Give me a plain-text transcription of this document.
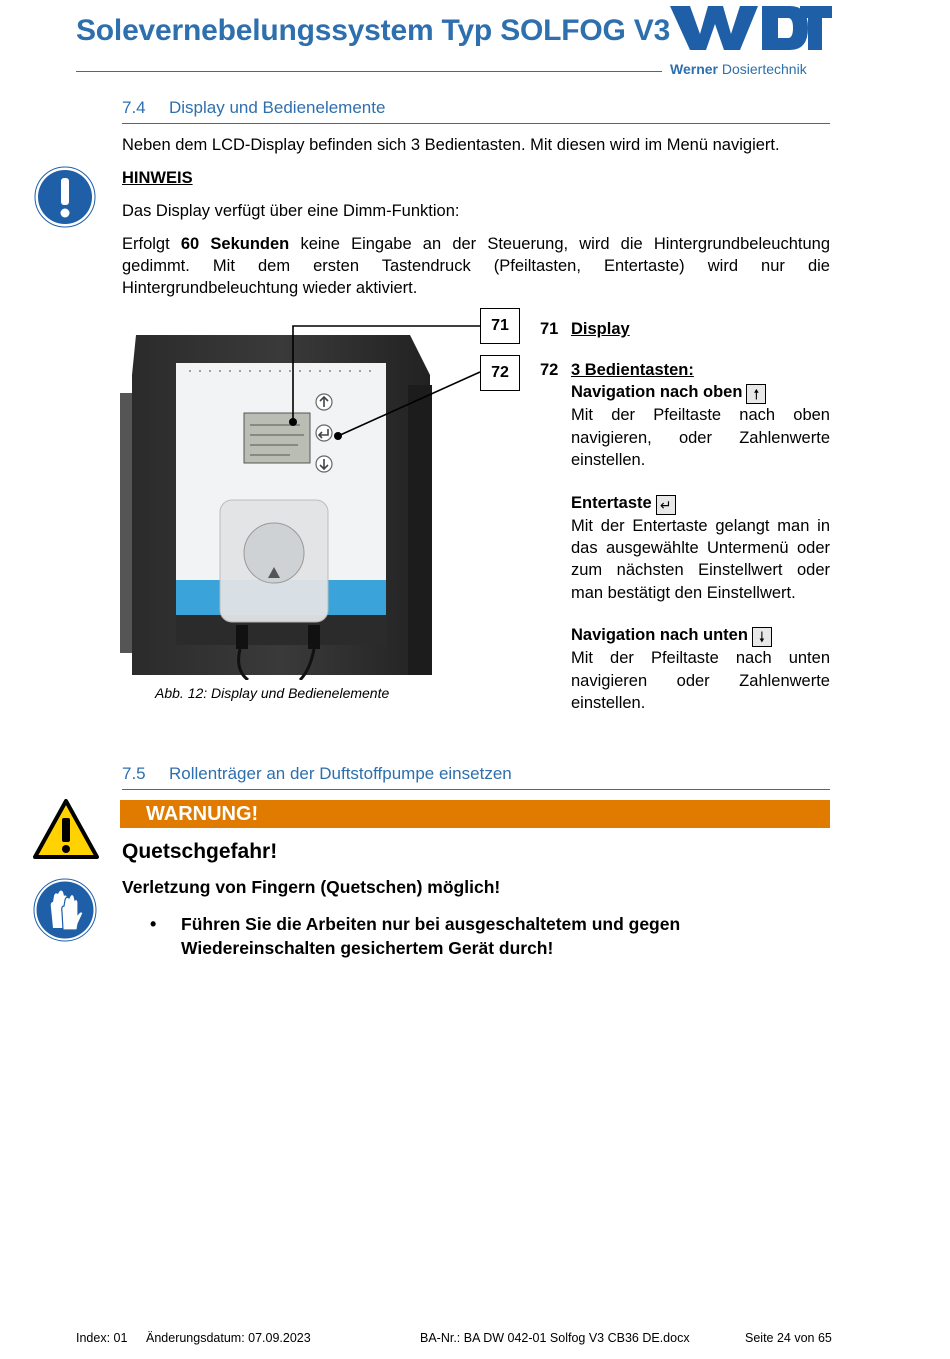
Solevernebelungssystem Typ SOLFOG V3
Werner Dosiertechnik
7.4 Display und Bedienelemente
Neben dem LCD-Display befinden sich 3 Bedientasten. Mit diesen wird im Menü navigiert.
HINWEIS
Das Display verfügt über eine Dimm-Funktion:
Erfolgt 60 Sekunden keine Eingabe an der Steuerung, wird die Hintergrundbeleuchtung gedimmt. Mit dem ersten Tastendruck (Pfeiltasten, Entertaste) wird nur die Hintergrundbeleuchtung wieder aktiviert.
71
72
Abb. 12: Display und Bedienelemente
71 Display
72 3 Bedientasten:
Navigation nach oben 🠕
Mit der Pfeiltaste nach oben navigieren, oder Zahlenwerte einstellen.
Entertaste ↵
Mit der Entertaste gelangt man in das ausgewählte Untermenü oder zum nächsten Einstellwert oder man bestätigt den Einstellwert.
Navigation nach unten 🠗
Mit der Pfeiltaste nach unten navigieren oder Zahlenwerte einstellen.
7.5 Rollenträger an der Duftstoffpumpe einsetzen
WARNUNG!
Quetschgefahr!
Verletzung von Fingern (Quetschen) möglich!
• Führen Sie die Arbeiten nur bei ausgeschaltetem und gegen Wiedereinschalten gesichertem Gerät durch!
Index: 01 Änderungsdatum: 07.09.2023	BA-Nr.: BA DW 042-01 Solfog V3 CB36 DE.docx	Seite 24 von 65
